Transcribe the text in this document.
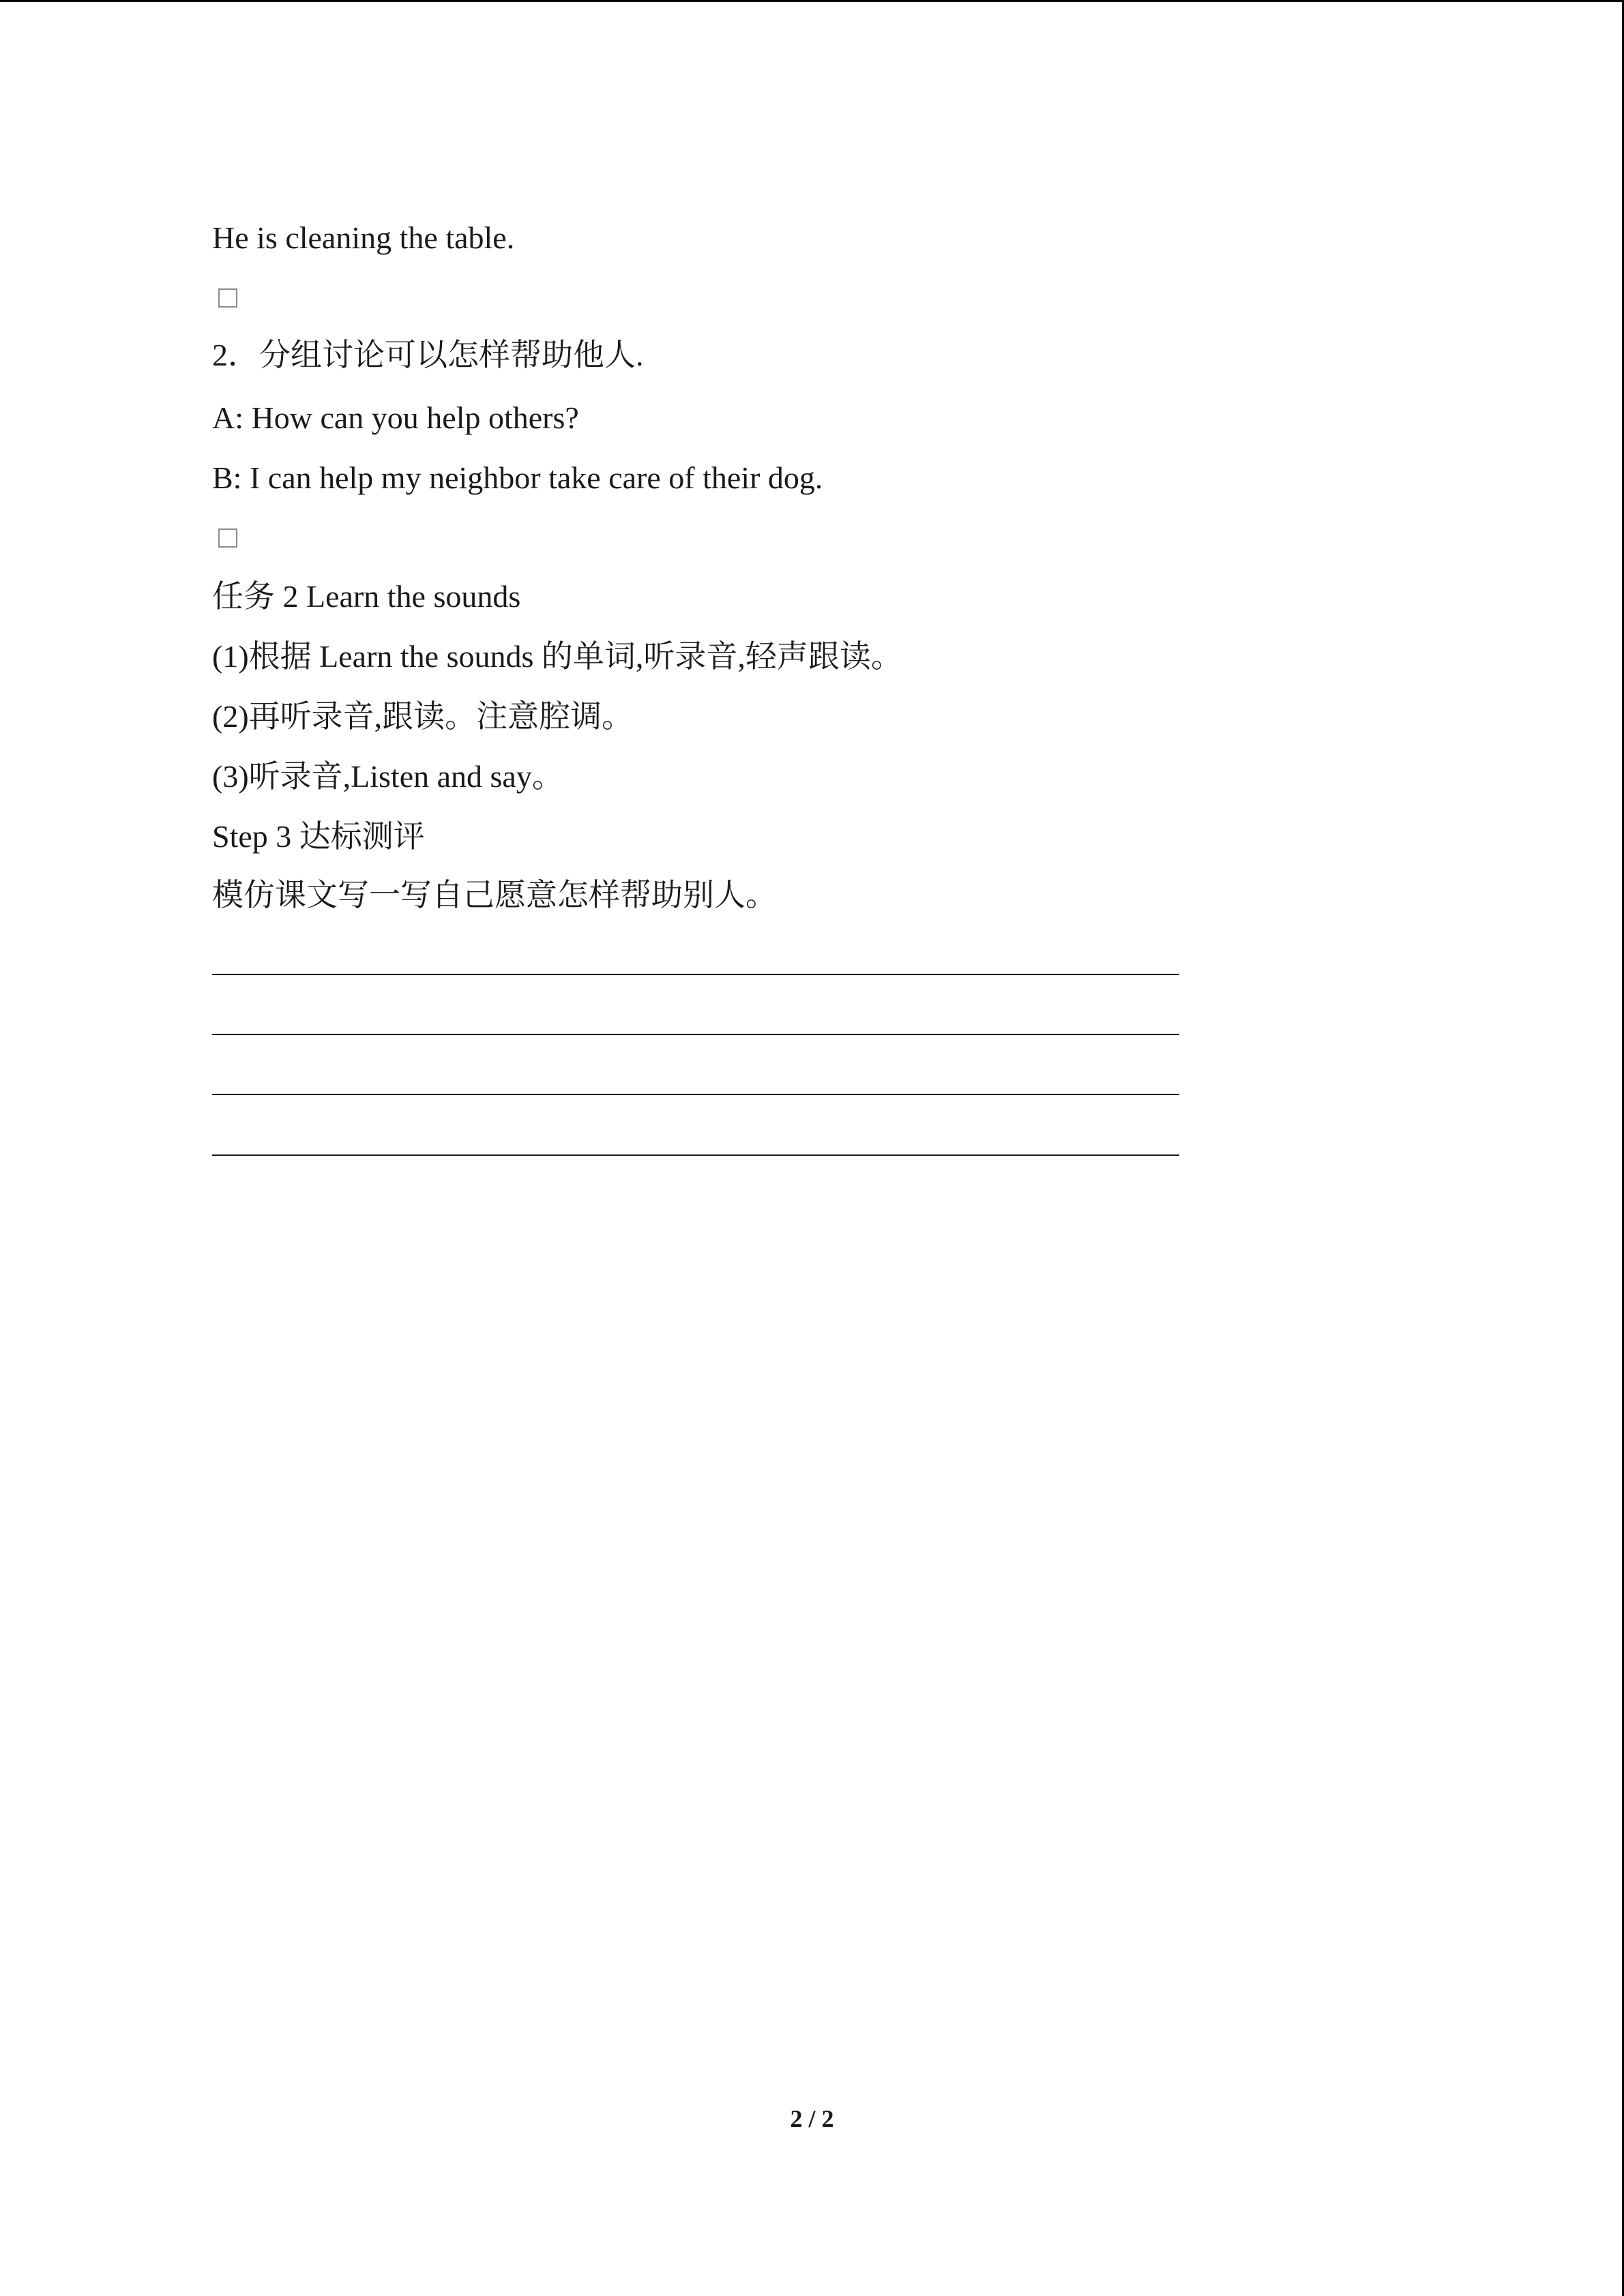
He is cleaning the table.
2．分组讨论可以怎样帮助他人.
A: How can you help others?
B: I can help my neighbor take care of their dog.
任务 2 Learn the sounds
(1)根据 Learn the sounds 的单词,听录音,轻声跟读。
(2)再听录音,跟读。注意腔调。
(3)听录音,Listen and say。
Step 3 达标测评
模仿课文写一写自己愿意怎样帮助别人。
2 / 2
